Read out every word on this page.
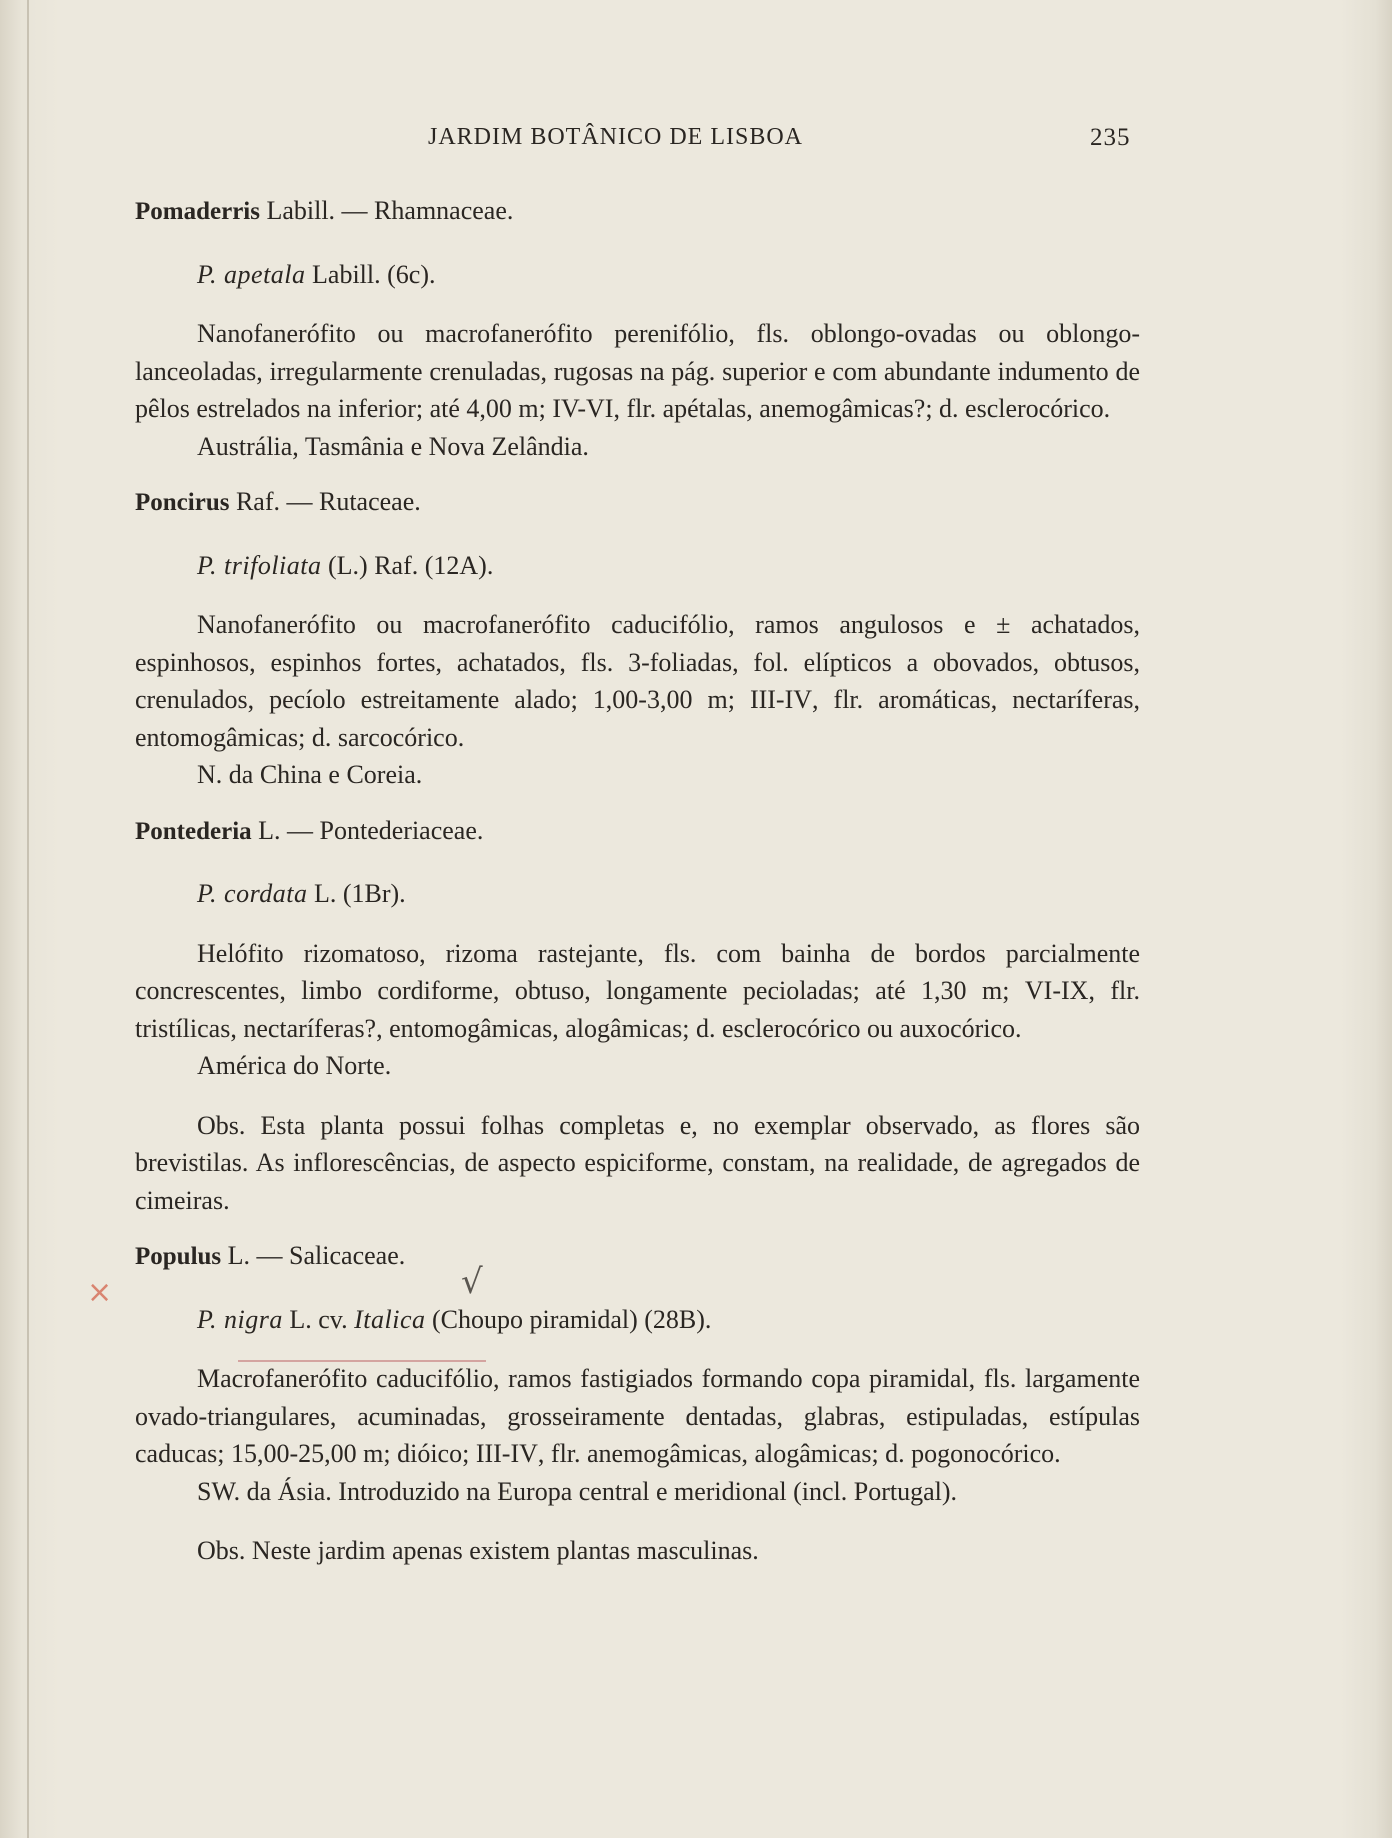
JARDIM BOTÂNICO DE LISBOA	235
×	√

Pomaderris Labill. — Rhamnaceae.

P. apetala Labill. (6c).

Nanofanerófito ou macrofanerófito perenifólio, fls. oblongo-ovadas ou oblongo-lanceoladas, irregularmente crenuladas, rugosas na pág. superior e com abundante indumento de pêlos estrelados na inferior; até 4,00 m; IV-VI, flr. apétalas, anemogâmicas?; d. esclerocórico.

Austrália, Tasmânia e Nova Zelândia.

Poncirus Raf. — Rutaceae.

P. trifoliata (L.) Raf. (12A).

Nanofanerófito ou macrofanerófito caducifólio, ramos angulosos e ± achatados, espinhosos, espinhos fortes, achatados, fls. 3-foliadas, fol. elípticos a obovados, obtusos, crenulados, pecíolo estreitamente alado; 1,00-3,00 m; III-IV, flr. aromáticas, nectaríferas, entomogâmicas; d. sarcocórico.

N. da China e Coreia.

Pontederia L. — Pontederiaceae.

P. cordata L. (1Br).

Helófito rizomatoso, rizoma rastejante, fls. com bainha de bordos parcialmente concrescentes, limbo cordiforme, obtuso, longamente pecioladas; até 1,30 m; VI-IX, flr. tristílicas, nectaríferas?, entomogâmicas, alogâmicas; d. esclerocórico ou auxocórico.

América do Norte.

Obs. Esta planta possui folhas completas e, no exemplar observado, as flores são brevistilas. As inflorescências, de aspecto espiciforme, constam, na realidade, de agregados de cimeiras.

Populus L. — Salicaceae.

P. nigra L. cv. Italica (Choupo piramidal) (28B).

Macrofanerófito caducifólio, ramos fastigiados formando copa piramidal, fls. largamente ovado-triangulares, acuminadas, grosseiramente dentadas, glabras, estipuladas, estípulas caducas; 15,00-25,00 m; dióico; III-IV, flr. anemogâmicas, alogâmicas; d. pogonocórico.

SW. da Ásia. Introduzido na Europa central e meridional (incl. Portugal).

Obs. Neste jardim apenas existem plantas masculinas.
